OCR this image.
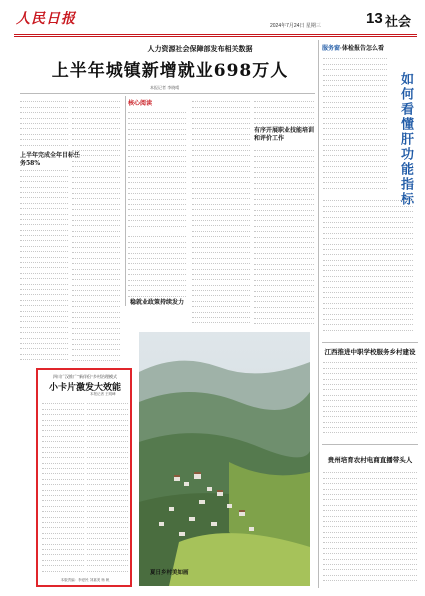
人民日报	2024年7月24日 星期三	13 社会
人力资源社会保障部发布相关数据
上半年城镇新增就业698万人
本报记者 李晓晴
上半年完成全年目标任务58%
核心阅读
稳就业政策持续发力
有序开展职业技能培训和评价工作
服务窗·体检报告怎么看
如何看懂肝功能指标
江西推进中职学校服务乡村建设
贵州培育农村电商直播带头人
四川广汉推广“新伴侣”乡村治理模式
小卡片激发大效能
本报记者 王明峰
本版责编：李爱民 刘嘉美 杨 帆
夏日乡村美如画
